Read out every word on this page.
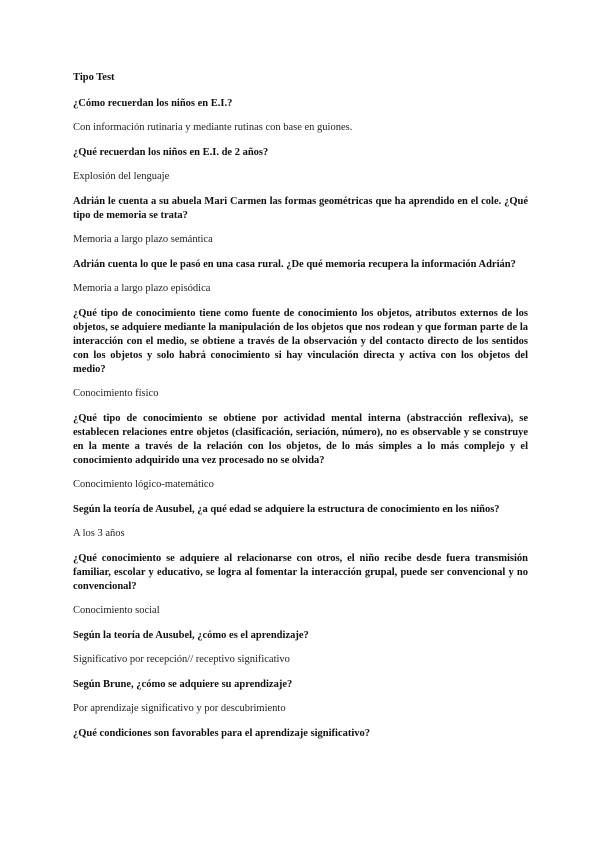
Tipo Test

¿Cómo recuerdan los niños en E.I.?

Con información rutinaria y mediante rutinas con base en guiones.

¿Qué recuerdan los niños en E.I. de 2 años?

Explosión del lenguaje

Adrián le cuenta a su abuela Mari Carmen las formas geométricas que ha aprendido en el cole. ¿Qué tipo de memoria se trata?

Memoria a largo plazo semántica

Adrián cuenta lo que le pasó en una casa rural. ¿De qué memoria recupera la información Adrián?

Memoria a largo plazo episódica

¿Qué tipo de conocimiento tiene como fuente de conocimiento los objetos, atributos externos de los objetos, se adquiere mediante la manipulación de los objetos que nos rodean y que forman parte de la interacción con el medio, se obtiene a través de la observación y del contacto directo de los sentidos con los objetos y solo habrá conocimiento si hay vinculación directa y activa con los objetos del medio?

Conocimiento físico

¿Qué tipo de conocimiento se obtiene por actividad mental interna (abstracción reflexiva), se establecen relaciones entre objetos (clasificación, seriación, número), no es observable y se construye en la mente a través de la relación con los objetos, de lo más simples a lo más complejo y el conocimiento adquirido una vez procesado no se olvida?

Conocimiento lógico-matemático

Según la teoría de Ausubel, ¿a qué edad se adquiere la estructura de conocimiento en los niños?

A los 3 años

¿Qué conocimiento se adquiere al relacionarse con otros, el niño recibe desde fuera transmisión familiar, escolar y educativo, se logra al fomentar la interacción grupal, puede ser convencional y no convencional?

Conocimiento social

Según la teoría de Ausubel, ¿cómo es el aprendizaje?

Significativo por recepción// receptivo significativo

Según Brune, ¿cómo se adquiere su aprendizaje?

Por aprendizaje significativo y por descubrimiento

¿Qué condiciones son favorables para el aprendizaje significativo?
